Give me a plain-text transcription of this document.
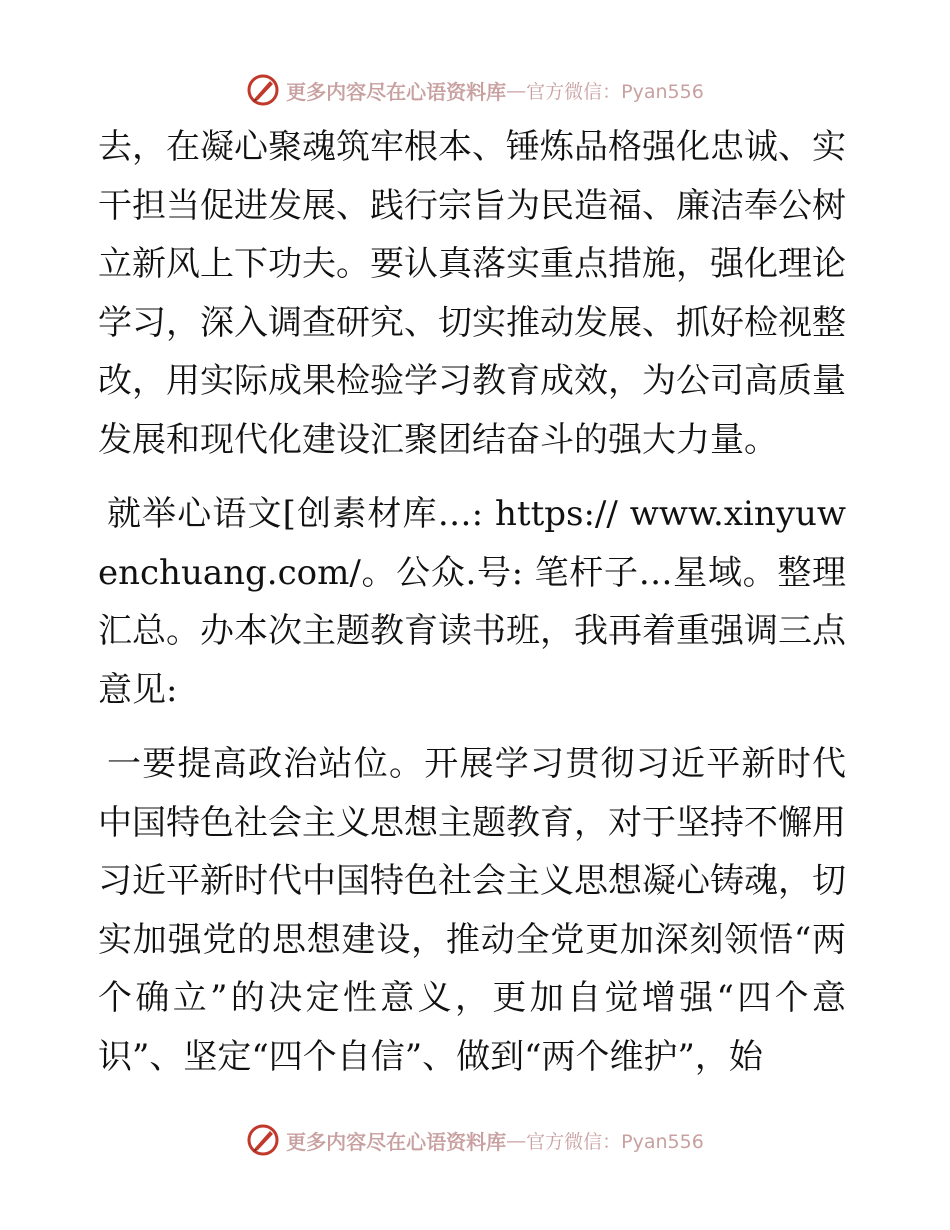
更多内容尽在心语资料库 — 官方微信：Pyan556

去，在凝心聚魂筑牢根本、锤炼品格强化忠诚、实干担当促进发展、践行宗旨为民造福、廉洁奉公树立新风上下功夫。要认真落实重点措施，强化理论学习，深入调查研究、切实推动发展、抓好检视整改，用实际成果检验学习教育成效，为公司高质量发展和现代化建设汇聚团结奋斗的强大力量。

就举心语文[创素材库…: https:// www.xinyuwenchuang.com/。公众.号: 笔杆子…星域。整理汇总。办本次主题教育读书班，我再着重强调三点意见:

一要提高政治站位。开展学习贯彻习近平新时代中国特色社会主义思想主题教育，对于坚持不懈用习近平新时代中国特色社会主义思想凝心铸魂，切实加强党的思想建设，推动全党更加深刻领悟“两个确立”的决定性意义，更加自觉增强“四个意识”、坚定“四个自信”、做到“两个维护”，始

更多内容尽在心语资料库 — 官方微信：Pyan556
